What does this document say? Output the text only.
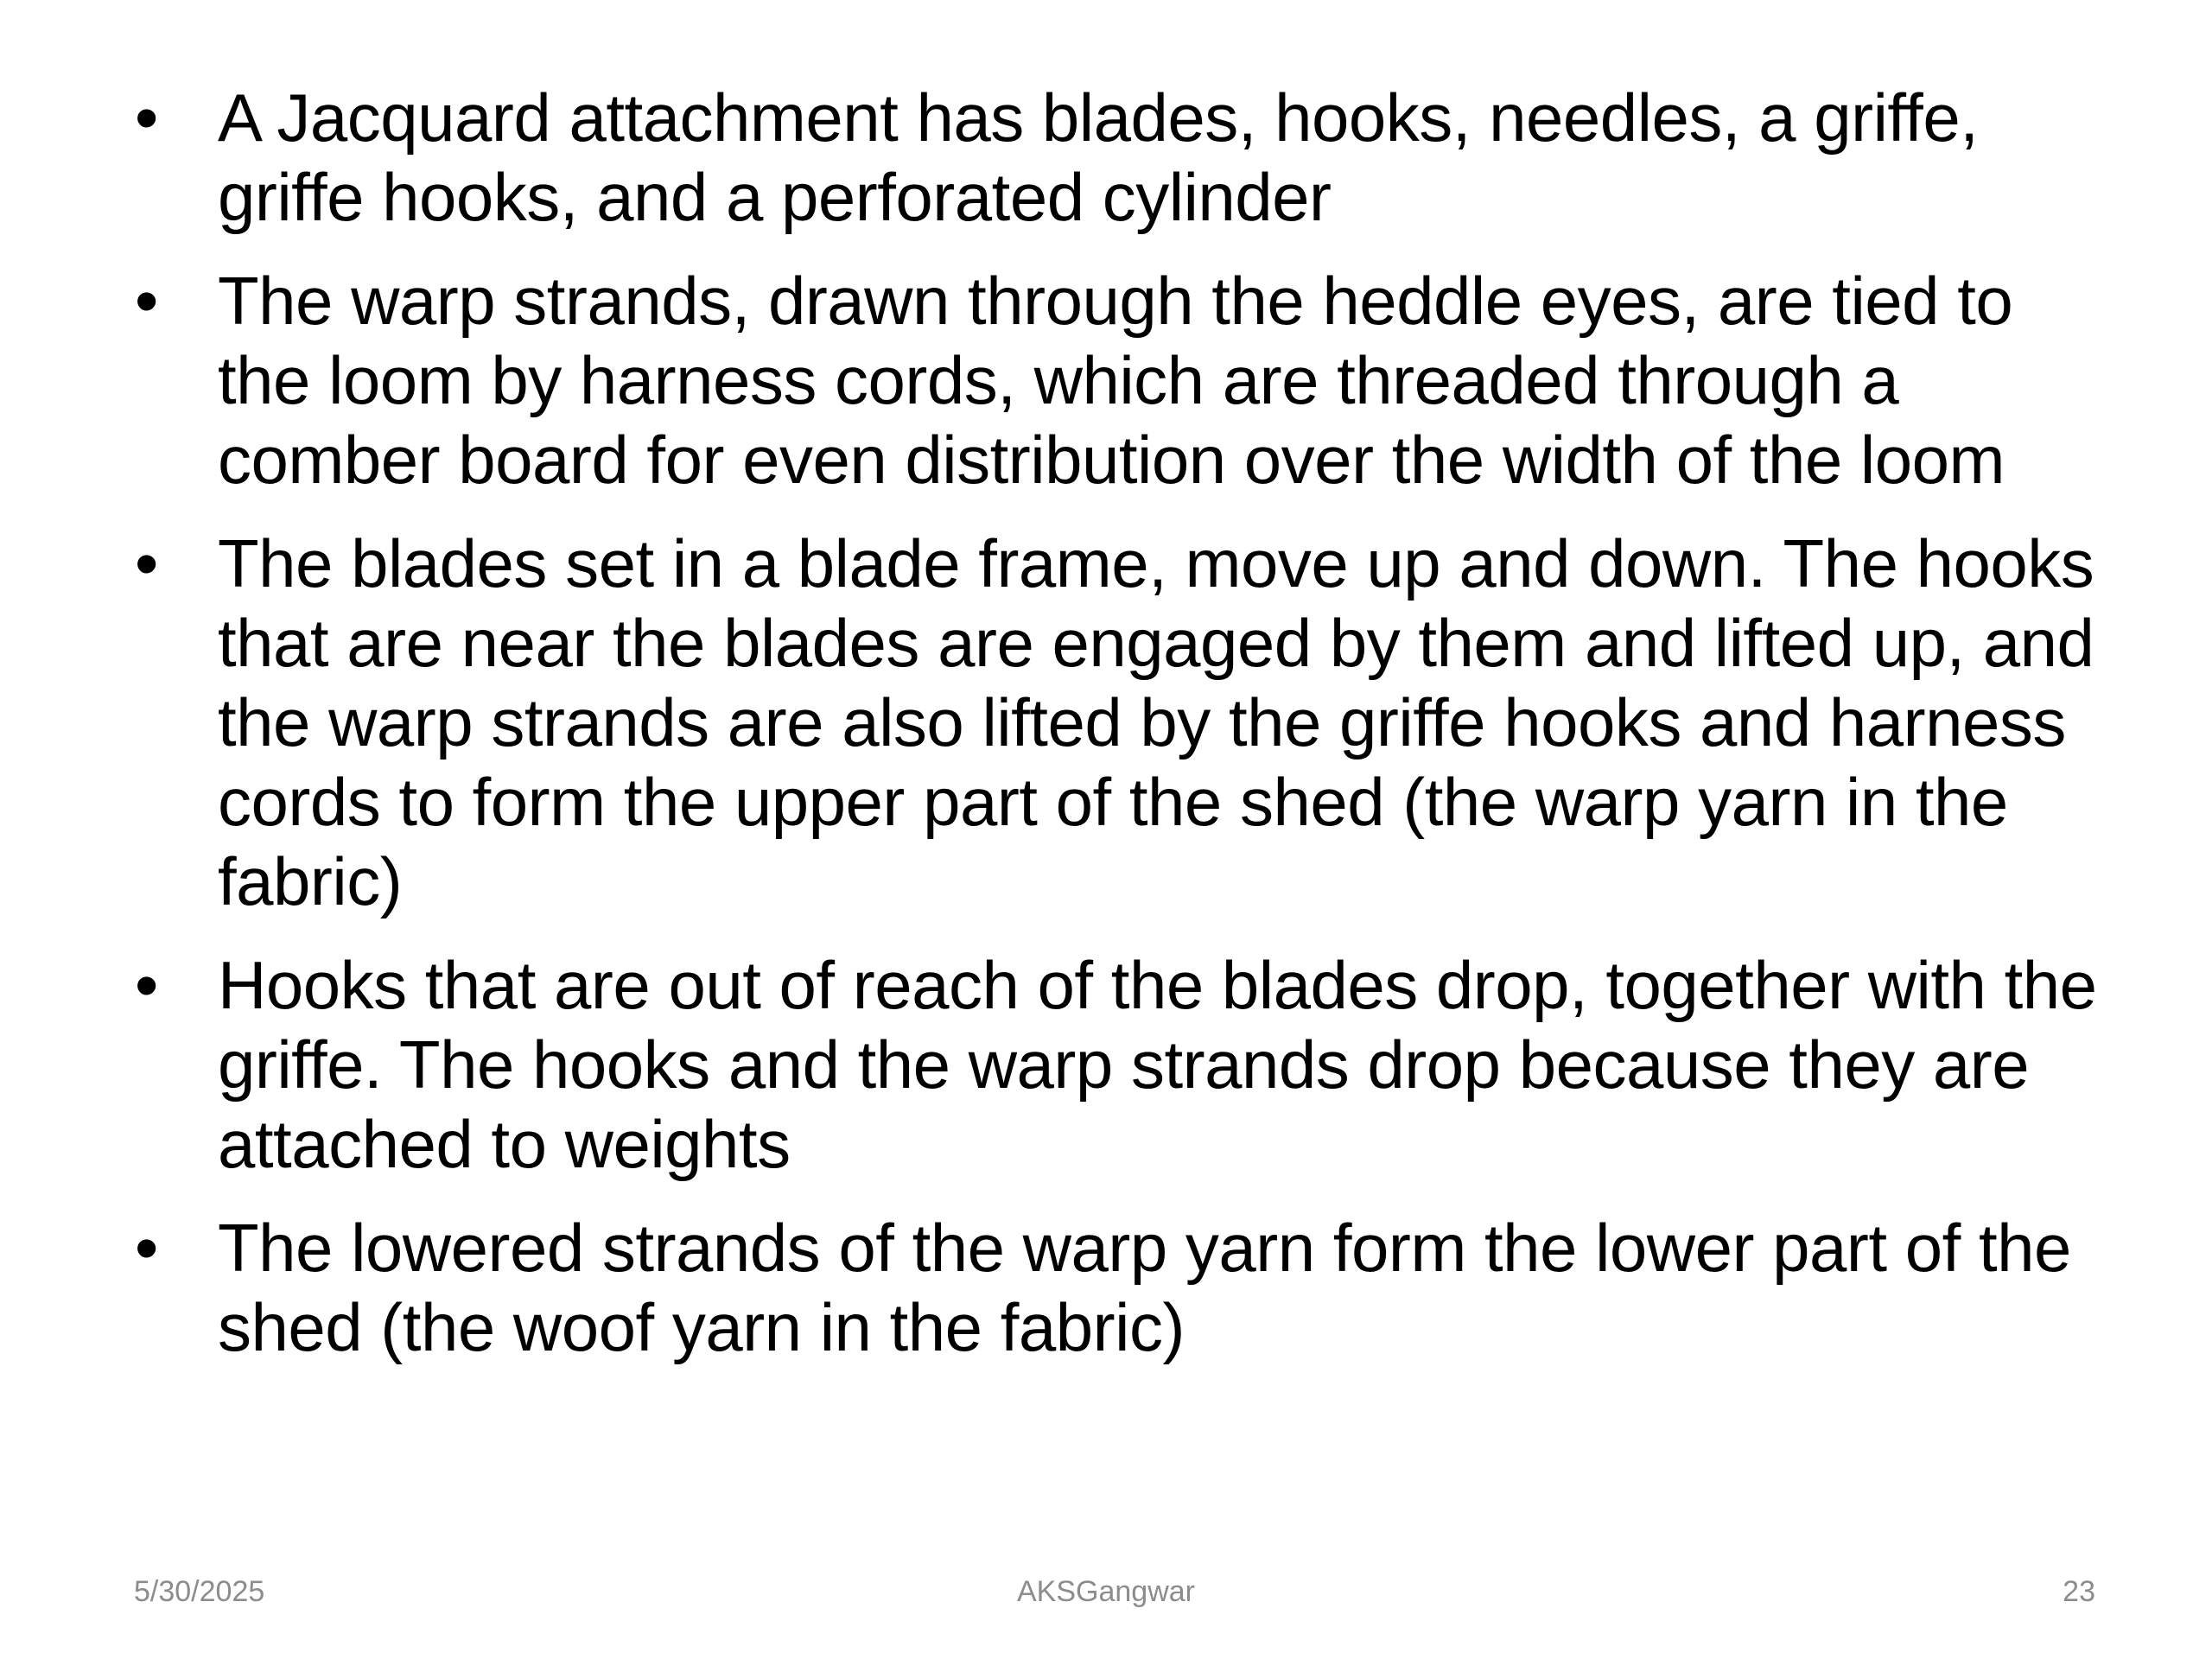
• A Jacquard attachment has blades, hooks, needles, a griffe, griffe hooks, and a perforated cylinder
• The warp strands, drawn through the heddle eyes, are tied to the loom by harness cords, which are threaded through a comber board for even distribution over the width of the loom
• The blades set in a blade frame, move up and down. The hooks that are near the blades are engaged by them and lifted up, and the warp strands are also lifted by the griffe hooks and harness cords to form the upper part of the shed (the warp yarn in the fabric)
• Hooks that are out of reach of the blades drop, together with the griffe. The hooks and the warp strands drop because they are attached to weights
• The lowered strands of the warp yarn form the lower part of the shed (the woof yarn in the fabric)
5/30/2025	AKSGangwar	23
